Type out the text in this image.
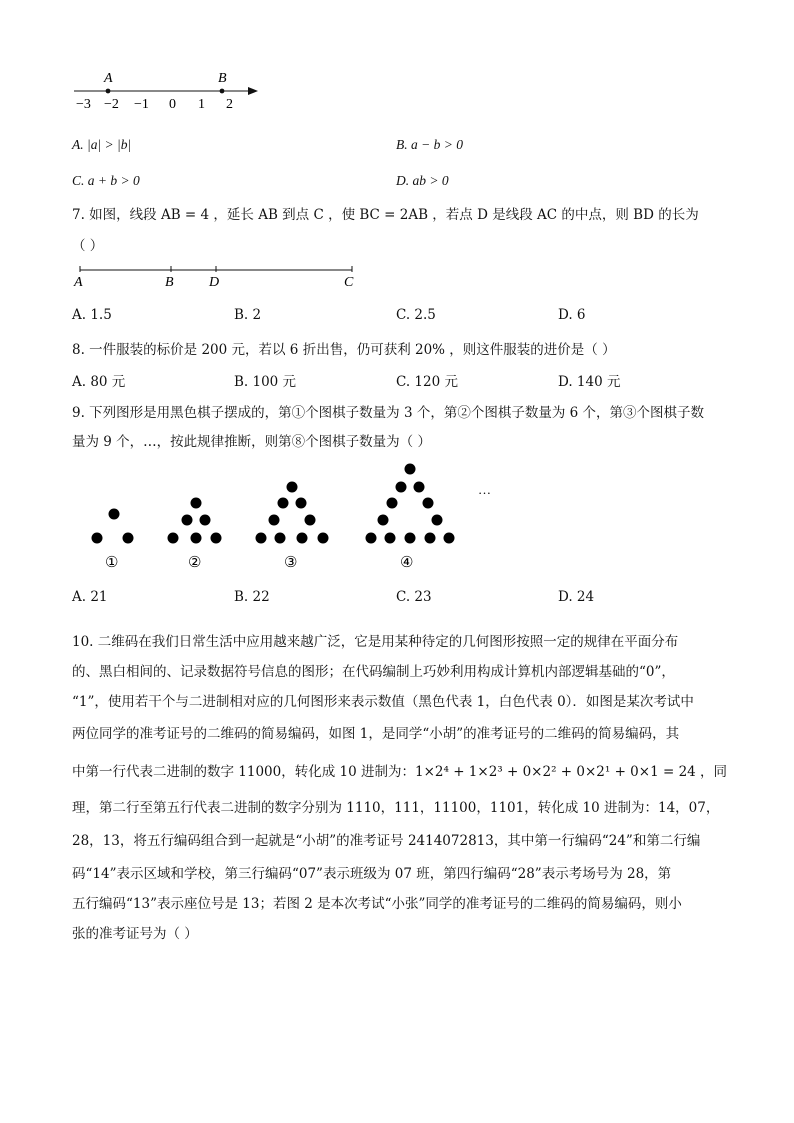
A	B
−3 −2 −1 0 1 2
A. |a| > |b|	B. a − b > 0
C. a + b > 0	D. ab > 0
7. 如图，线段 AB = 4 ，延长 AB 到点 C ，使 BC = 2AB ，若点 D 是线段 AC 的中点，则 BD 的长为
（ ）
A	B	D	C
A. 1.5	B. 2	C. 2.5	D. 6
8. 一件服装的标价是 200 元，若以 6 折出售，仍可获利 20% ，则这件服装的进价是（ ）
A. 80 元	B. 100 元	C. 120 元	D. 140 元
9. 下列图形是用黑色棋子摆成的，第①个图棋子数量为 3 个，第②个图棋子数量为 6 个，第③个图棋子数
量为 9 个，…，按此规律推断，则第⑧个图棋子数量为（ ）
…
①	②	③	④
A. 21	B. 22	C. 23	D. 24
10. 二维码在我们日常生活中应用越来越广泛，它是用某种待定的几何图形按照一定的规律在平面分布
的、黑白相间的、记录数据符号信息的图形；在代码编制上巧妙利用构成计算机内部逻辑基础的“0”，
“1”，使用若干个与二进制相对应的几何图形来表示数值（黑色代表 1，白色代表 0）．如图是某次考试中
两位同学的准考证号的二维码的简易编码，如图 1，是同学“小胡”的准考证号的二维码的简易编码，其
中第一行代表二进制的数字 11000，转化成 10 进制为：1×2⁴ + 1×2³ + 0×2² + 0×2¹ + 0×1 = 24 ，同
理，第二行至第五行代表二进制的数字分别为 1110，111，11100，1101，转化成 10 进制为：14，07，
28，13，将五行编码组合到一起就是“小胡”的准考证号 2414072813，其中第一行编码“24”和第二行编
码“14”表示区域和学校，第三行编码“07”表示班级为 07 班，第四行编码“28”表示考场号为 28，第
五行编码“13”表示座位号是 13；若图 2 是本次考试“小张”同学的准考证号的二维码的简易编码，则小
张的准考证号为（ ）
